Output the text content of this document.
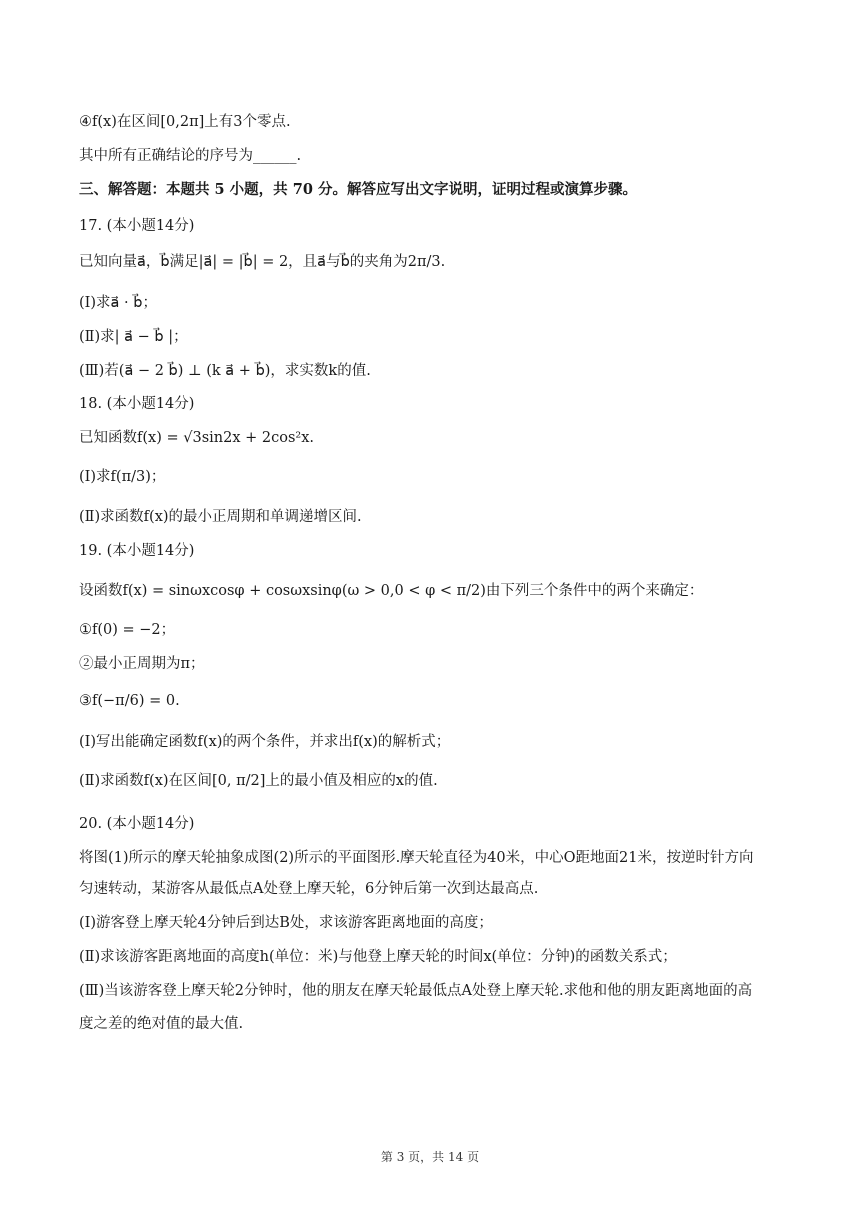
④f(x)在区间[0,2π]上有3个零点.
其中所有正确结论的序号为______.
三、解答题：本题共 5 小题，共 70 分。解答应写出文字说明，证明过程或演算步骤。
17. (本小题14分)
已知向量a⃗，b⃗满足|a⃗| = |b⃗| = 2，且a⃗与b⃗的夹角为2π/3.
(Ⅰ)求a⃗ · b⃗；
(Ⅱ)求| a⃗ − b⃗ |；
(Ⅲ)若(a⃗ − 2 b⃗) ⊥ (k a⃗ + b⃗)，求实数k的值.
18. (本小题14分)
已知函数f(x) = √3sin2x + 2cos²x.
(Ⅰ)求f(π/3)；
(Ⅱ)求函数f(x)的最小正周期和单调递增区间.
19. (本小题14分)
设函数f(x) = sinωxcosφ + cosωxsinφ(ω > 0,0 < φ < π/2)由下列三个条件中的两个来确定：
①f(0) = −2；
②最小正周期为π；
③f(−π/6) = 0.
(Ⅰ)写出能确定函数f(x)的两个条件，并求出f(x)的解析式；
(Ⅱ)求函数f(x)在区间[0, π/2]上的最小值及相应的x的值.
20. (本小题14分)
将图(1)所示的摩天轮抽象成图(2)所示的平面图形.摩天轮直径为40米，中心O距地面21米，按逆时针方向
匀速转动，某游客从最低点A处登上摩天轮，6分钟后第一次到达最高点.
(Ⅰ)游客登上摩天轮4分钟后到达B处，求该游客距离地面的高度；
(Ⅱ)求该游客距离地面的高度h(单位：米)与他登上摩天轮的时间x(单位：分钟)的函数关系式；
(Ⅲ)当该游客登上摩天轮2分钟时，他的朋友在摩天轮最低点A处登上摩天轮.求他和他的朋友距离地面的高
度之差的绝对值的最大值.
第 3 页，共 14 页
